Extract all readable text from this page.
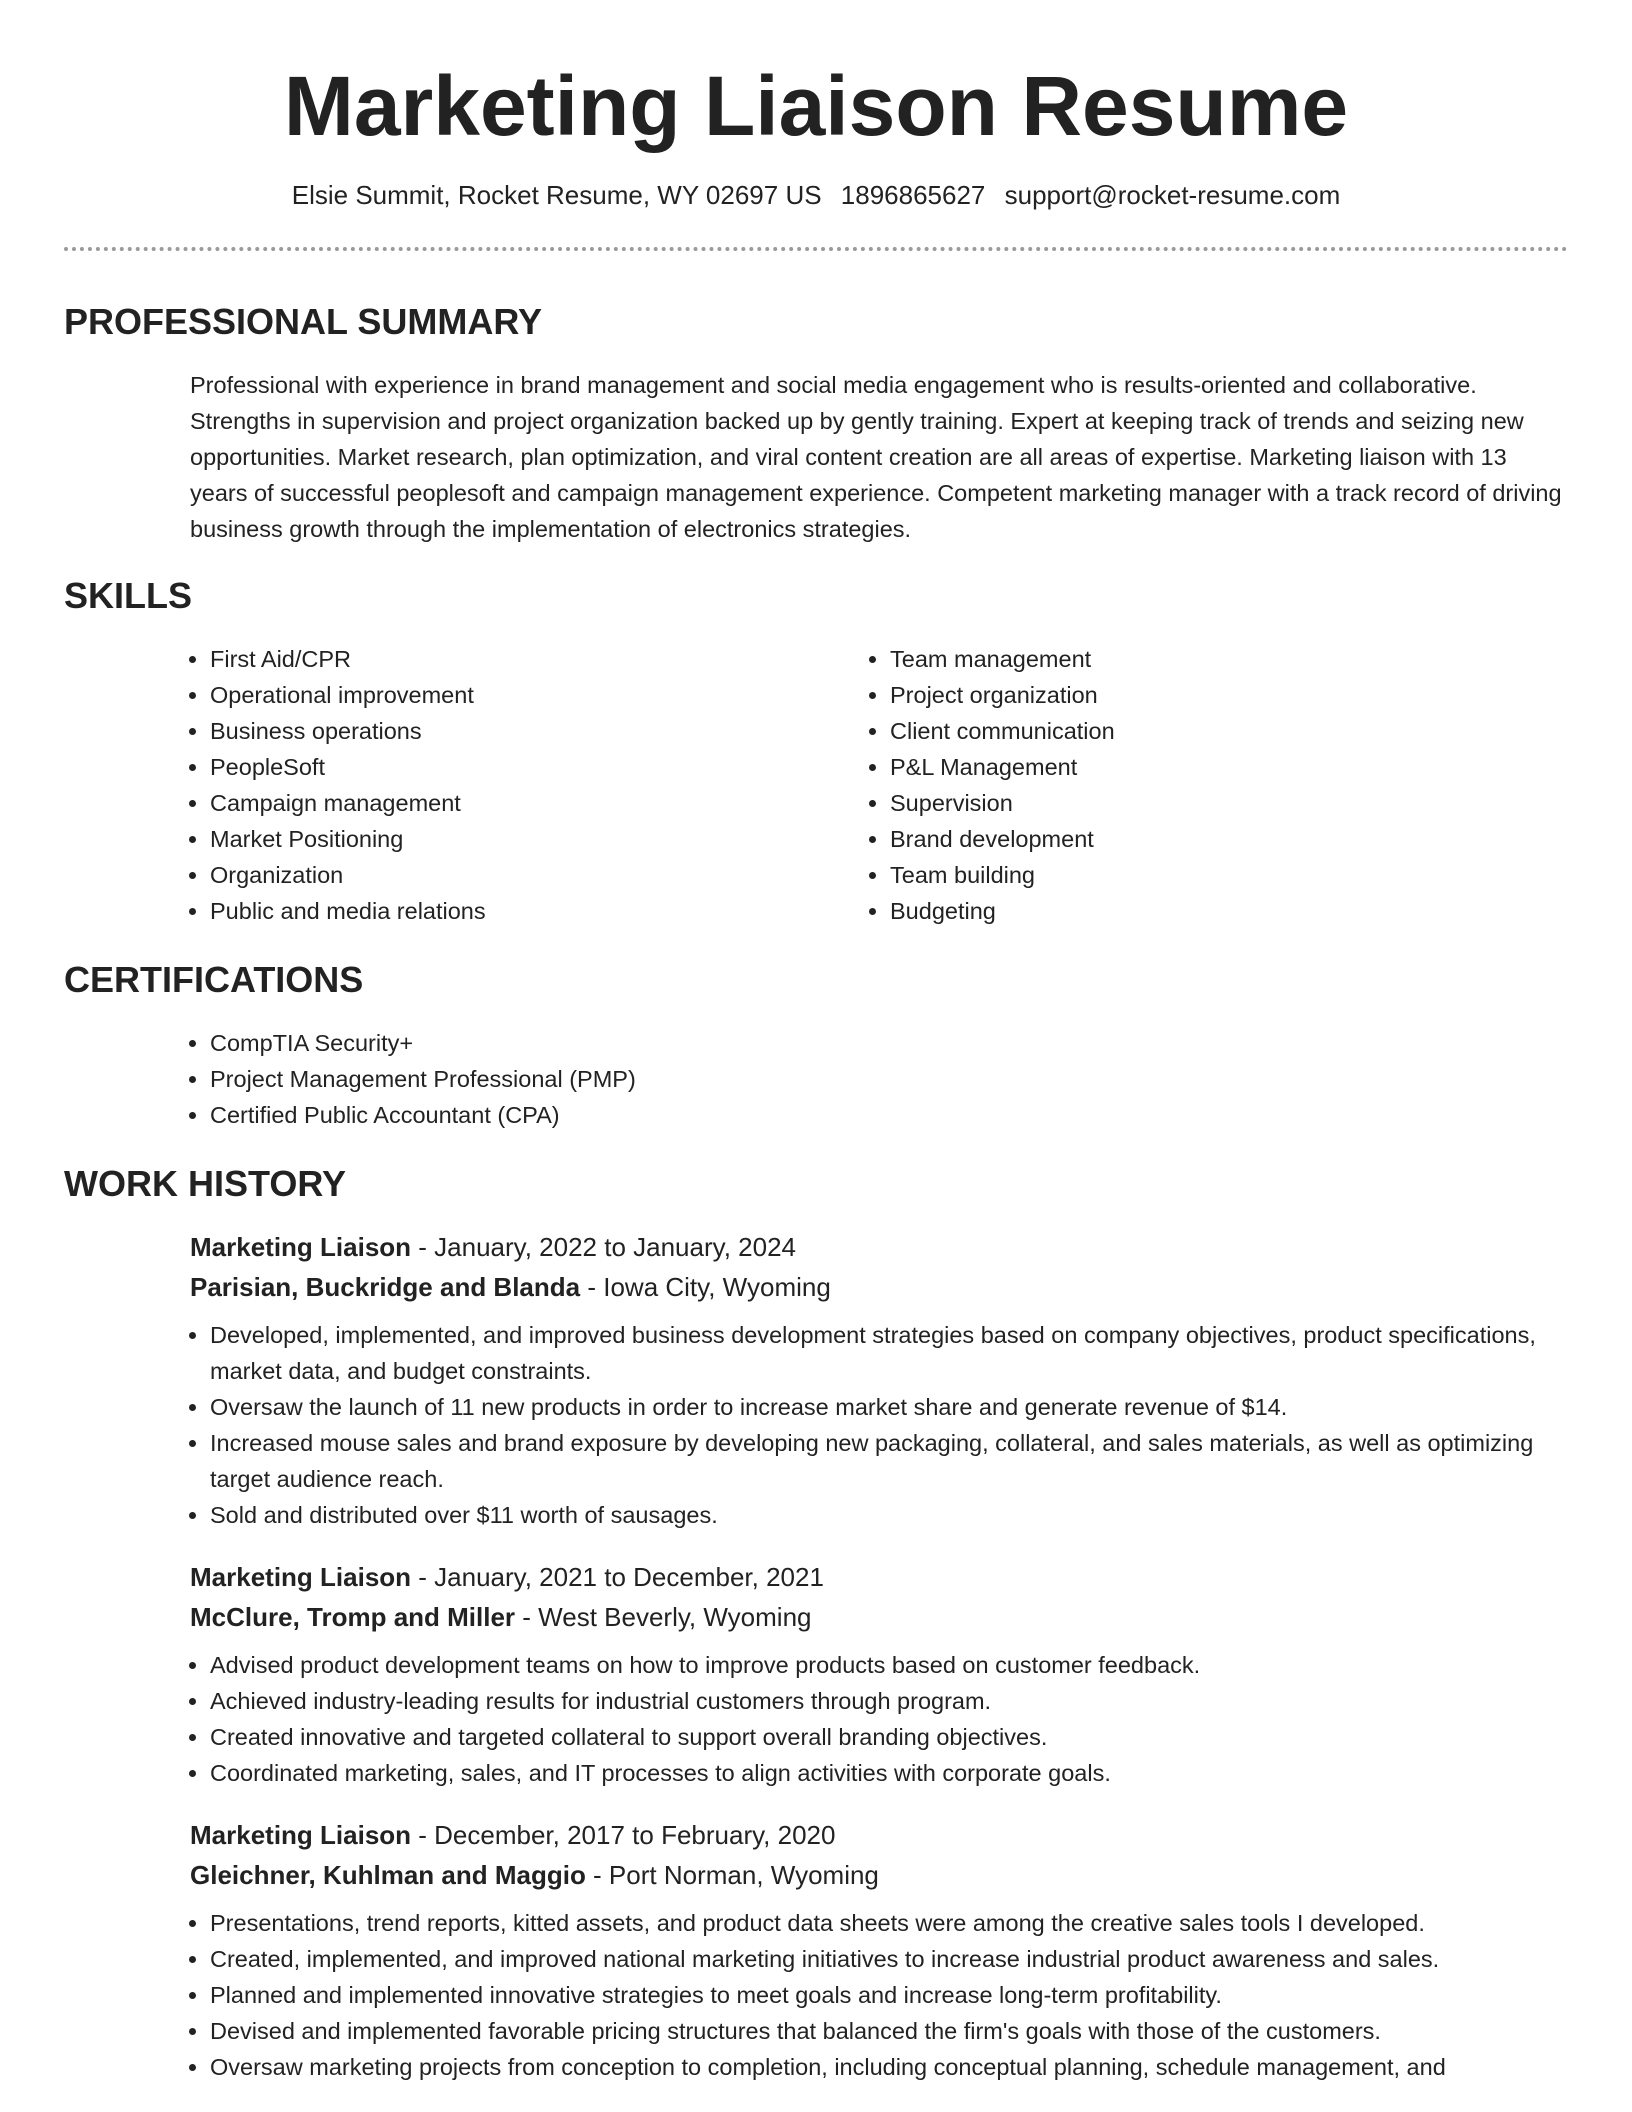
Marketing Liaison Resume
Elsie Summit, Rocket Resume, WY 02697 US 1896865627 support@rocket-resume.com
PROFESSIONAL SUMMARY

Professional with experience in brand management and social media engagement who is results-oriented and collaborative. Strengths in supervision and project organization backed up by gently training. Expert at keeping track of trends and seizing new opportunities. Market research, plan optimization, and viral content creation are all areas of expertise. Marketing liaison with 13 years of successful peoplesoft and campaign management experience. Competent marketing manager with a track record of driving business growth through the implementation of electronics strategies.

SKILLS
• First Aid/CPR
• Operational improvement
• Business operations
• PeopleSoft
• Campaign management
• Market Positioning
• Organization
• Public and media relations
• Team management
• Project organization
• Client communication
• P&L Management
• Supervision
• Brand development
• Team building
• Budgeting
CERTIFICATIONS
• CompTIA Security+
• Project Management Professional (PMP)
• Certified Public Accountant (CPA)
WORK HISTORY
Marketing Liaison - January, 2022 to January, 2024
Parisian, Buckridge and Blanda - Iowa City, Wyoming
• Developed, implemented, and improved business development strategies based on company objectives, product specifications, market data, and budget constraints.
• Oversaw the launch of 11 new products in order to increase market share and generate revenue of $14.
• Increased mouse sales and brand exposure by developing new packaging, collateral, and sales materials, as well as optimizing target audience reach.
• Sold and distributed over $11 worth of sausages.
Marketing Liaison - January, 2021 to December, 2021
McClure, Tromp and Miller - West Beverly, Wyoming
• Advised product development teams on how to improve products based on customer feedback.
• Achieved industry-leading results for industrial customers through program.
• Created innovative and targeted collateral to support overall branding objectives.
• Coordinated marketing, sales, and IT processes to align activities with corporate goals.
Marketing Liaison - December, 2017 to February, 2020
Gleichner, Kuhlman and Maggio - Port Norman, Wyoming
• Presentations, trend reports, kitted assets, and product data sheets were among the creative sales tools I developed.
• Created, implemented, and improved national marketing initiatives to increase industrial product awareness and sales.
• Planned and implemented innovative strategies to meet goals and increase long-term profitability.
• Devised and implemented favorable pricing structures that balanced the firm's goals with those of the customers.
• Oversaw marketing projects from conception to completion, including conceptual planning, schedule management, and
